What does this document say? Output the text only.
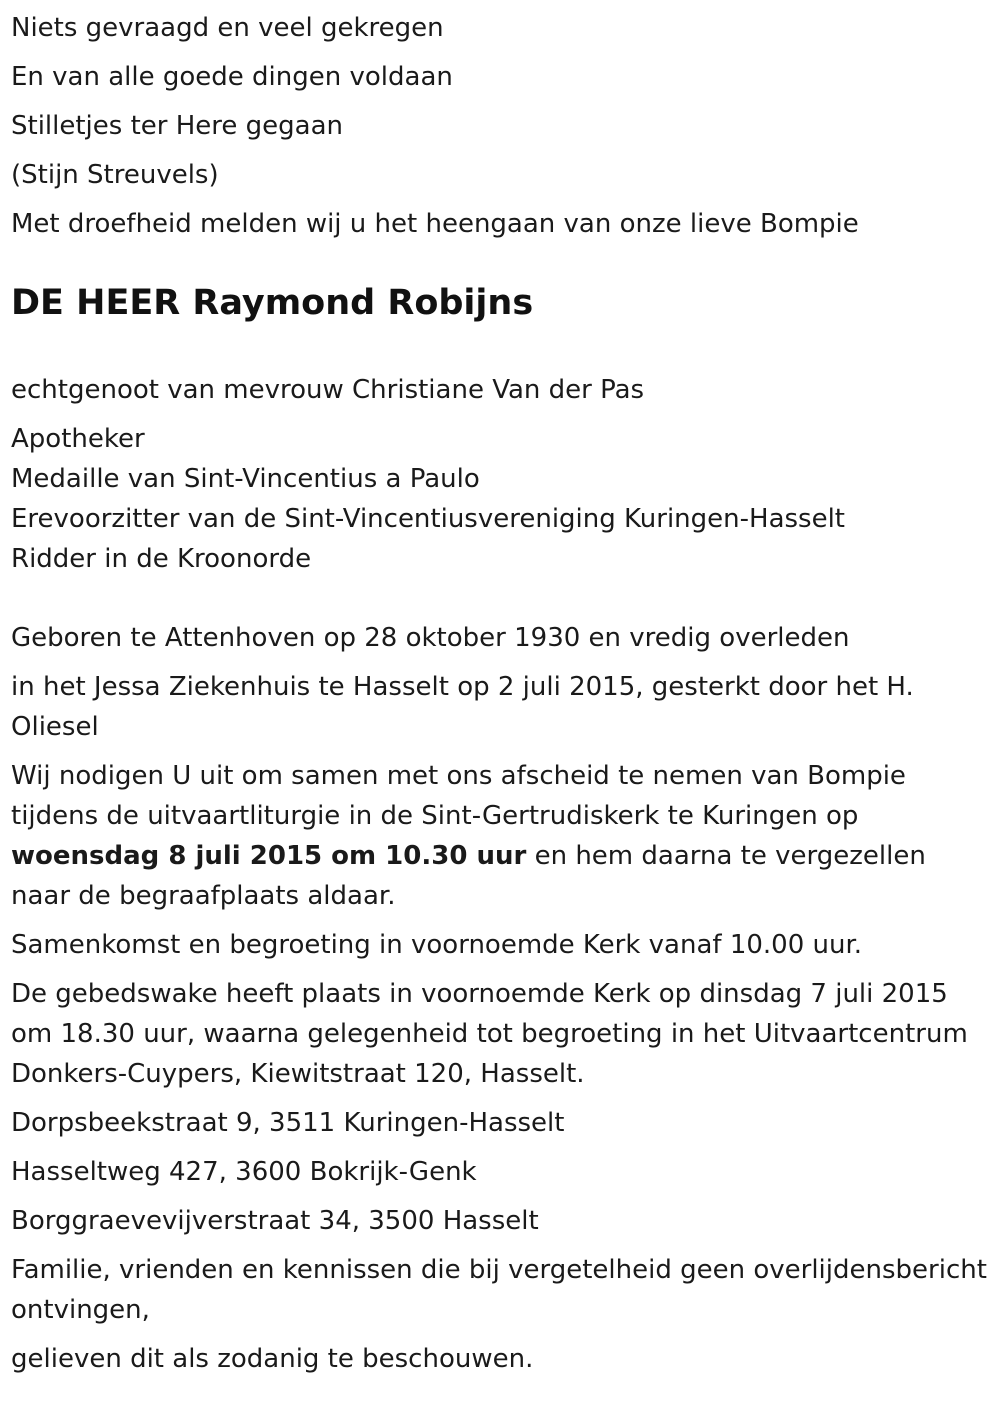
Niets gevraagd en veel gekregen

En van alle goede dingen voldaan

Stilletjes ter Here gegaan

(Stijn Streuvels)

Met droefheid melden wij u het heengaan van onze lieve Bompie

DE HEER Raymond Robijns

echtgenoot van mevrouw Christiane Van der Pas

Apotheker
Medaille van Sint-Vincentius a Paulo
Erevoorzitter van de Sint-Vincentiusvereniging Kuringen-Hasselt
Ridder in de Kroonorde

Geboren te Attenhoven op 28 oktober 1930 en vredig overleden

in het Jessa Ziekenhuis te Hasselt op 2 juli 2015, gesterkt door het H. Oliesel

Wij nodigen U uit om samen met ons afscheid te nemen van Bompie tijdens de uitvaartliturgie in de Sint-Gertrudiskerk te Kuringen op woensdag 8 juli 2015 om 10.30 uur en hem daarna te vergezellen naar de begraafplaats aldaar.

Samenkomst en begroeting in voornoemde Kerk vanaf 10.00 uur.

De gebedswake heeft plaats in voornoemde Kerk op dinsdag 7 juli 2015 om 18.30 uur, waarna gelegenheid tot begroeting in het Uitvaartcentrum Donkers-Cuypers, Kiewitstraat 120, Hasselt.

Dorpsbeekstraat 9, 3511 Kuringen-Hasselt

Hasseltweg 427, 3600 Bokrijk-Genk

Borggraevevijverstraat 34, 3500 Hasselt

Familie, vrienden en kennissen die bij vergetelheid geen overlijdensbericht ontvingen,

gelieven dit als zodanig te beschouwen.
